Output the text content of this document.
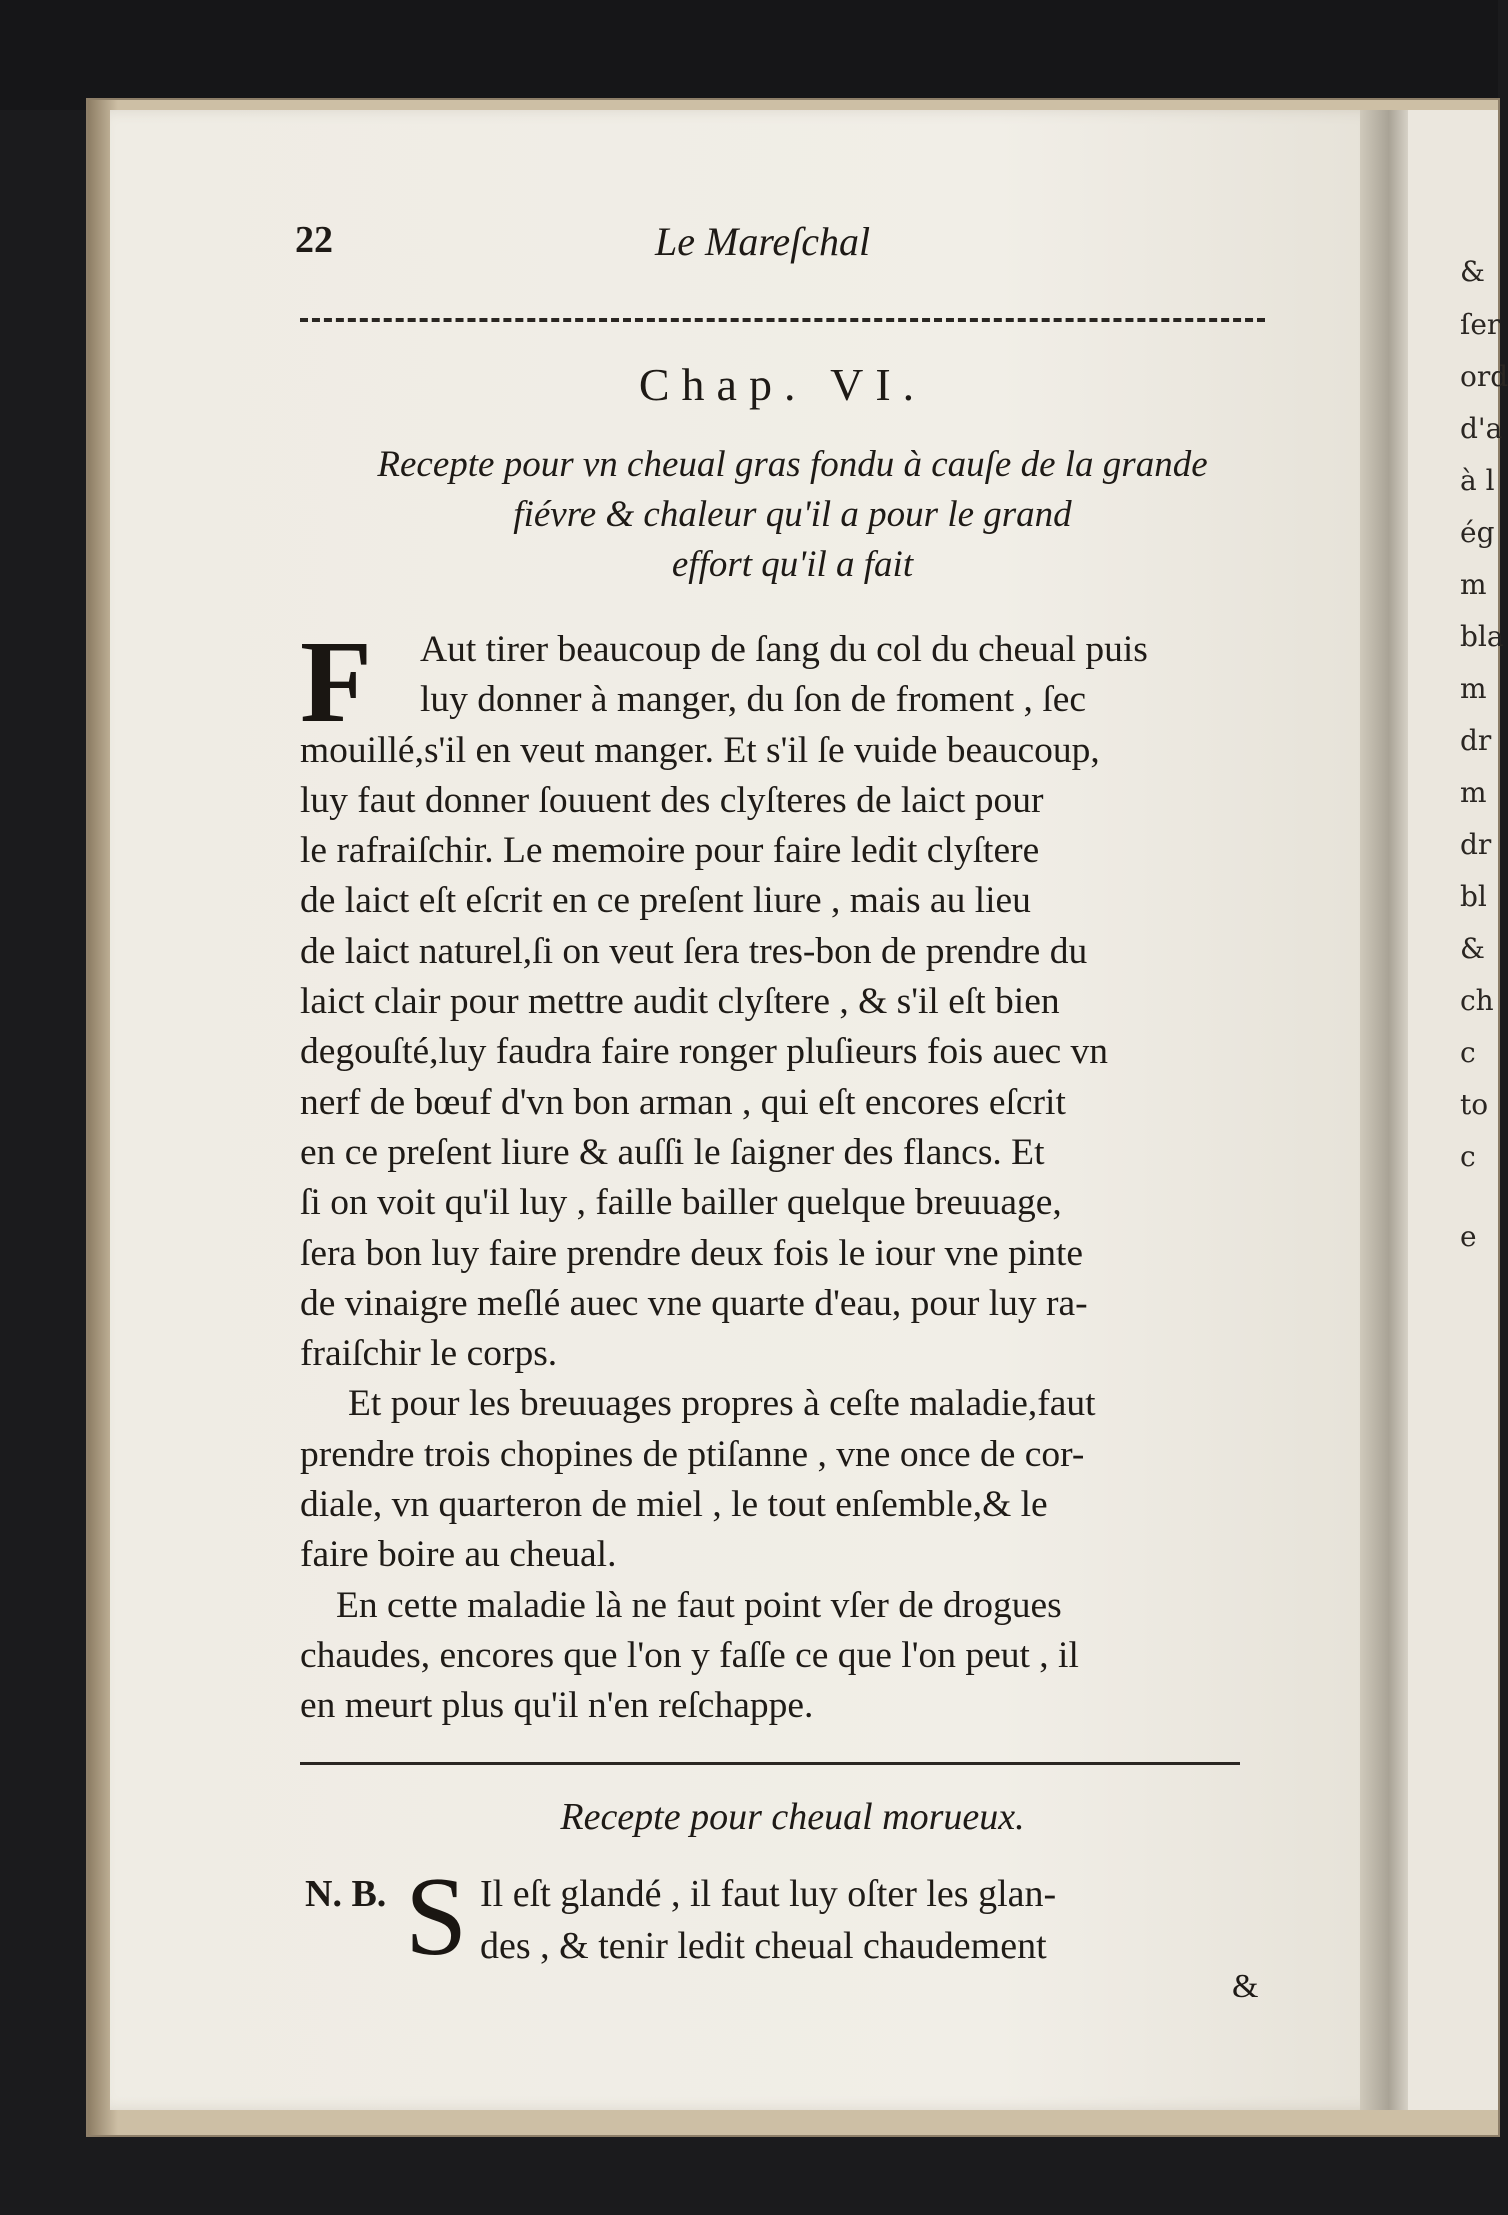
&
ſer
ord
d'a
à l
ég
m
bla
m
dr
m
dr
bl
&
ch
c
to
c
e
22	Le Mareſchal
Chap. VI.
Recepte pour vn cheual gras fondu à cauſe de la grande
fiévre & chaleur qu'il a pour le grand
effort qu'il a fait
F	Aut tirer beaucoup de ſang du col du cheual puis
luy donner à manger, du ſon de froment , ſec
mouillé,s'il en veut manger. Et s'il ſe vuide beaucoup,
luy faut donner ſouuent des clyſteres de laict pour
le rafraiſchir. Le memoire pour faire ledit clyſtere
de laict eſt eſcrit en ce preſent liure , mais au lieu
de laict naturel,ſi on veut ſera tres-bon de prendre du
laict clair pour mettre audit clyſtere , & s'il eſt bien
degouſté,luy faudra faire ronger pluſieurs fois auec vn
nerf de bœuf d'vn bon arman , qui eſt encores eſcrit
en ce preſent liure & auſſi le ſaigner des flancs. Et
ſi on voit qu'il luy , faille bailler quelque breuuage,
ſera bon luy faire prendre deux fois le iour vne pinte
de vinaigre meſlé auec vne quarte d'eau, pour luy ra-
fraiſchir le corps.
Et pour les breuuages propres à ceſte maladie,faut
prendre trois chopines de ptiſanne , vne once de cor-
diale, vn quarteron de miel , le tout enſemble,& le
faire boire au cheual.
En cette maladie là ne faut point vſer de drogues
chaudes, encores que l'on y faſſe ce que l'on peut , il
en meurt plus qu'il n'en reſchappe.
Recepte pour cheual morueux.
N. B. S Il eſt glandé , il faut luy oſter les glan-
des , & tenir ledit cheual chaudement
&
